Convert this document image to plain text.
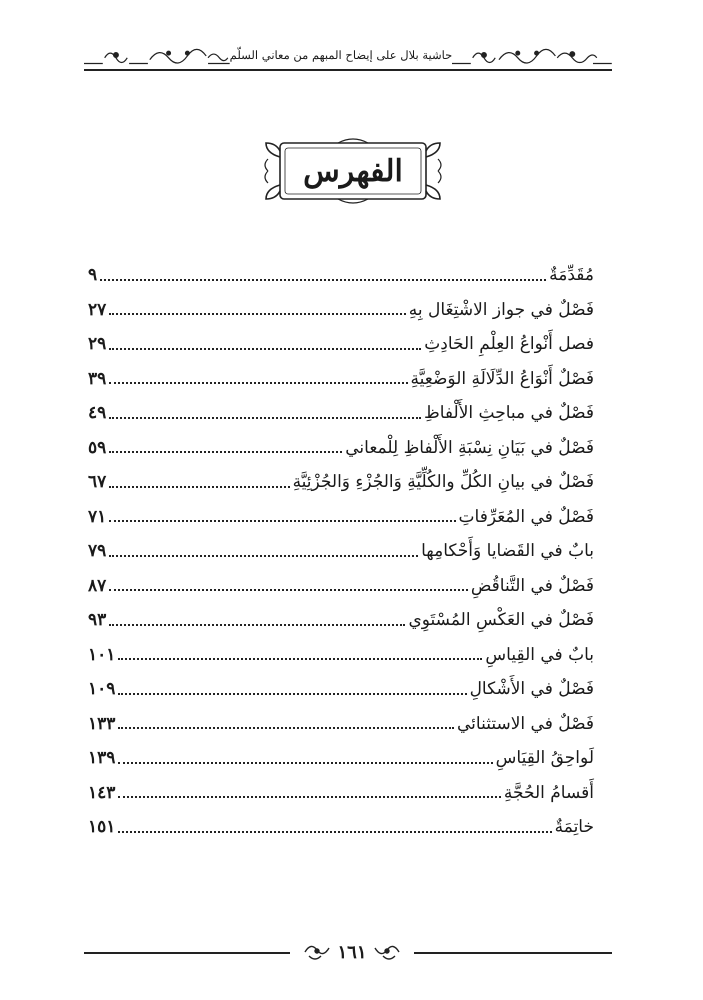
حاشية بلال على إيضاح المبهم من معاني السلّم
الفهرس
مُقَدِّمَةٌ
٩
فَصْلٌ في جواز الاشْتِغَال بِهِ
٢٧
فصل أَنْواعُ العِلْمِ الحَادِثِ
٢٩
فَصْلٌ أَنْوَاعُ الدِّلَالَةِ الوَضْعِيَّةِ
٣٩
فَصْلٌ في مباحِثِ الأَلْفاظِ
٤٩
فَصْلٌ في بَيَانِ نِسْبَةِ الأَلْفاظِ لِلْمعاني
٥٩
فَصْلٌ في بيانِ الكُلِّ والكُلِّيَّةِ وَالجُزْءِ وَالجُزْئِيَّةِ
٦٧
فَصْلٌ في المُعَرِّفاتِ
٧١
بابٌ في القَضايا وَأَحْكامِها
٧٩
فَصْلٌ في التَّناقُضِ
٨٧
فَصْلٌ في العَكْسِ المُسْتَوِي
٩٣
بابٌ في القِياسِ
١٠١
فَصْلٌ في الأَشْكالِ
١٠٩
فَصْلٌ في الاستثنائي
١٣٣
لَواحِقُ القِيَاسِ
١٣٩
أَقسامُ الحُجَّةِ
١٤٣
خاتِمَةٌ
١٥١
١٦١
